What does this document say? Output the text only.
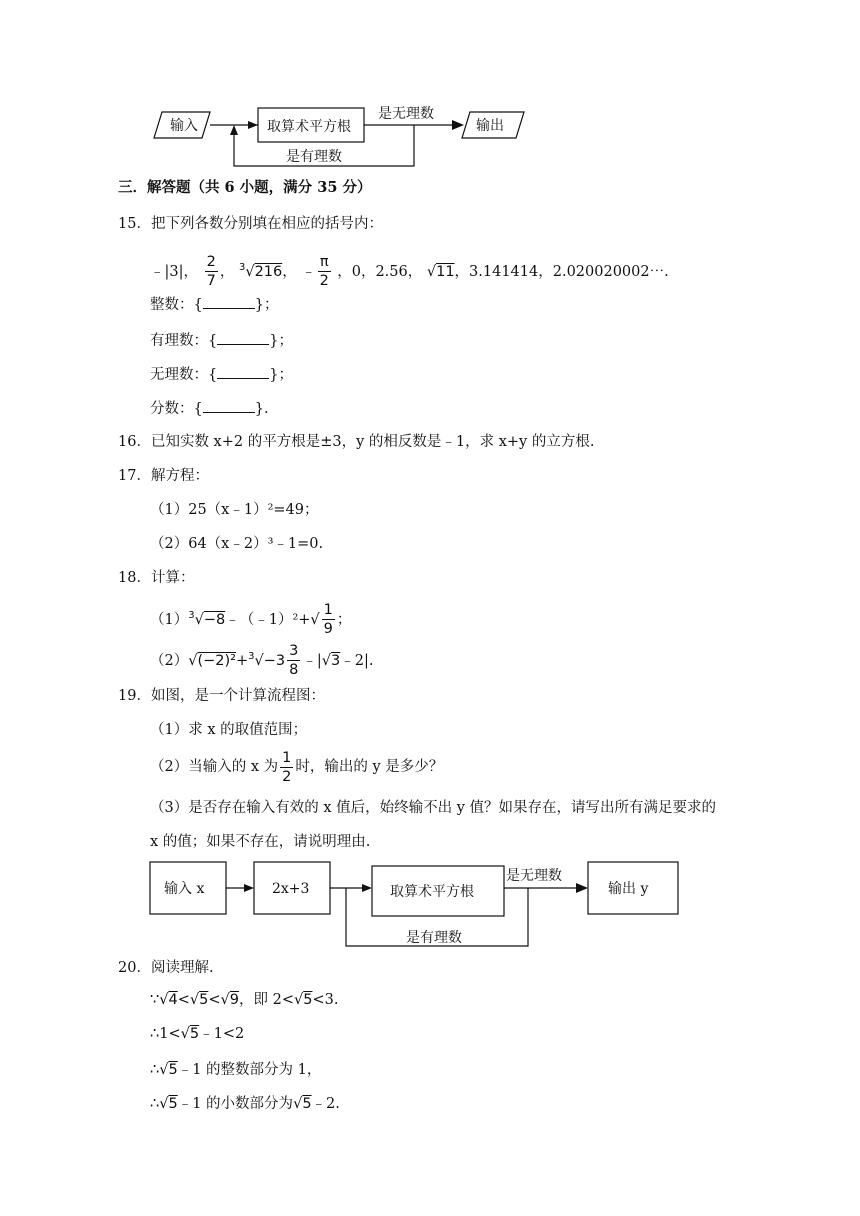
输入	取算术平方根
是无理数
输出
是有理数
三．解答题（共 6 小题，满分 35 分）
15．把下列各数分别填在相应的括号内：
﹣|3|， $\frac{2}{7}$ ， $^3$√216， ﹣ $\frac{\pi}{2}$ ，0，2.56， √11，3.141414，2.020020002⋯.
整数：{	}；
有理数：{	}；
无理数：{	}；
分数：{	}.
16．已知实数 x+2 的平方根是±3，y 的相反数是﹣1，求 x+y 的立方根.
17．解方程：
（1）25（x﹣1）²=49；
（2）64（x﹣2）³﹣1=0.
18．计算：
$(1)^3√-8﹣(﹣1)^2+√ \frac{1}{9}$ ；
$(2)√(-2)^2+^3√-3 \frac{3}{8}$ ﹣|√3﹣2|.
19．如图，是一个计算流程图：
（1）求 x 的取值范围；
（2）当输入的 x 为 $\frac{1}{2}$ 时，输出的 y 是多少？
（3）是否存在输入有效的 x 值后，始终输不出 y 值？如果存在，请写出所有满足要求的
x 的值；如果不存在，请说明理由.
输入 x	2x+3	取算术平方根
是无理数
输出 y
是有理数
20．阅读理解.
∵√4<√5<√9，即 2<√5<3.
∴1<√5﹣1<2
∴√5﹣1 的整数部分为 1，
∴√5﹣1 的小数部分为√5﹣2.
